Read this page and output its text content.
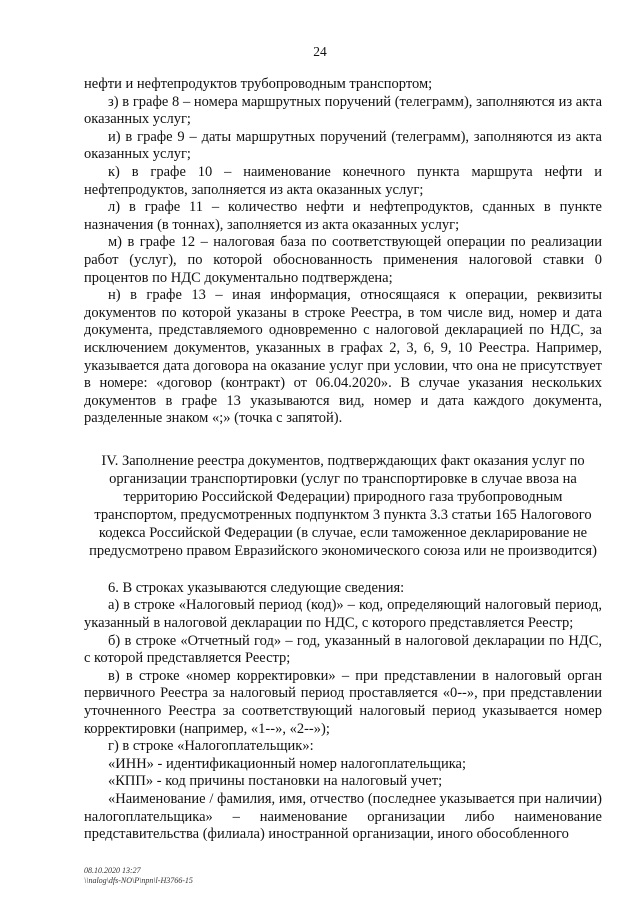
24

нефти и нефтепродуктов трубопроводным транспортом;

з) в графе 8 – номера маршрутных поручений (телеграмм), заполняются из акта оказанных услуг;

и) в графе 9 – даты маршрутных поручений (телеграмм), заполняются из акта оказанных услуг;

к) в графе 10 – наименование конечного пункта маршрута нефти и нефтепродуктов, заполняется из акта оказанных услуг;

л) в графе 11 – количество нефти и нефтепродуктов, сданных в пункте назначения (в тоннах), заполняется из акта оказанных услуг;

м) в графе 12 – налоговая база по соответствующей операции по реализации работ (услуг), по которой обоснованность применения налоговой ставки 0 процентов по НДС документально подтверждена;

н) в графе 13 – иная информация, относящаяся к операции, реквизиты документов по которой указаны в строке Реестра, в том числе вид, номер и дата документа, представляемого одновременно с налоговой декларацией по НДС, за исключением документов, указанных в графах 2, 3, 6, 9, 10 Реестра. Например, указывается дата договора на оказание услуг при условии, что она не присутствует в номере: «договор (контракт) от 06.04.2020». В случае указания нескольких документов в графе 13 указываются вид, номер и дата каждого документа, разделенные знаком «;» (точка с запятой).

IV. Заполнение реестра документов, подтверждающих факт оказания услуг по организации транспортировки (услуг по транспортировке в случае ввоза на территорию Российской Федерации) природного газа трубопроводным транспортом, предусмотренных подпунктом 3 пункта 3.3 статьи 165 Налогового кодекса Российской Федерации (в случае, если таможенное декларирование не предусмотрено правом Евразийского экономического союза или не производится)

6. В строках указываются следующие сведения:

а) в строке «Налоговый период (код)» – код, определяющий налоговый период, указанный в налоговой декларации по НДС, с которого представляется Реестр;

б) в строке «Отчетный год» – год, указанный в налоговой декларации по НДС, с которой представляется Реестр;

в) в строке «номер корректировки» – при представлении в налоговый орган первичного Реестра за налоговый период проставляется «0--», при представлении уточненного Реестра за соответствующий налоговый период указывается номер корректировки (например, «1--», «2--»);

г) в строке «Налогоплательщик»:

«ИНН» - идентификационный номер налогоплательщика;

«КПП» - код причины постановки на налоговый учет;

«Наименование / фамилия, имя, отчество (последнее указывается при наличии) налогоплательщика» – наименование организации либо наименование представительства (филиала) иностранной организации, иного обособленного

08.10.2020 13:27
\\nalog\dfs-NO\P\npn\l-H3766-15
